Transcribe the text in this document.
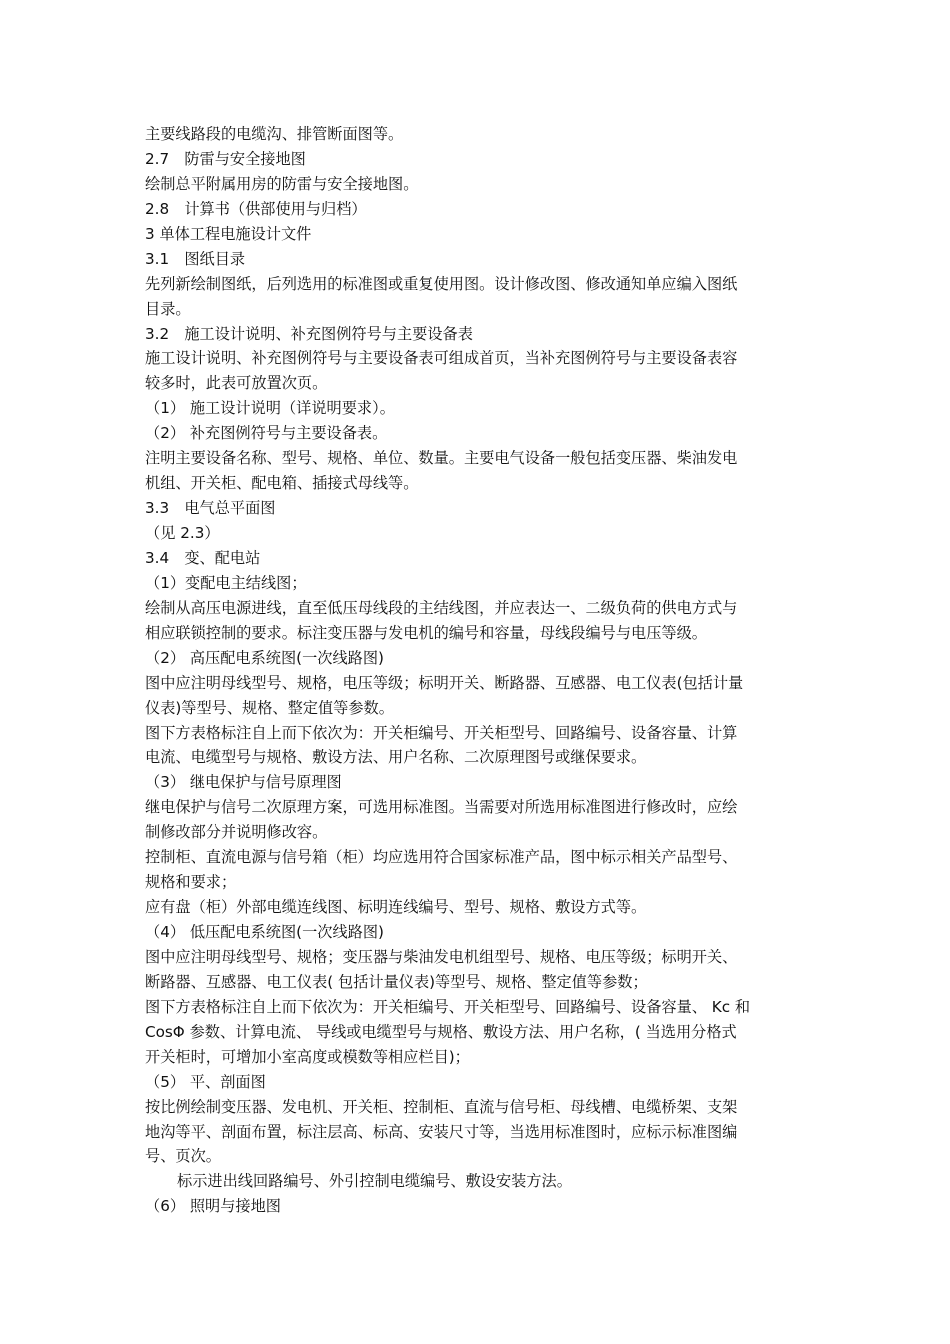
主要线路段的电缆沟、排管断面图等。
2.7　防雷与安全接地图
绘制总平附属用房的防雷与安全接地图。
2.8　计算书（供部使用与归档）
3 单体工程电施设计文件
3.1　图纸目录
先列新绘制图纸，后列选用的标准图或重复使用图。设计修改图、修改通知单应编入图纸
目录。
3.2　施工设计说明、补充图例符号与主要设备表
施工设计说明、补充图例符号与主要设备表可组成首页，当补充图例符号与主要设备表容
较多时，此表可放置次页。
（1） 施工设计说明（详说明要求）。
（2） 补充图例符号与主要设备表。
注明主要设备名称、型号、规格、单位、数量。主要电气设备一般包括变压器、柴油发电
机组、开关柜、配电箱、插接式母线等。
3.3　电气总平面图
（见 2.3）
3.4　变、配电站
（1）变配电主结线图；
绘制从高压电源进线，直至低压母线段的主结线图，并应表达一、二级负荷的供电方式与
相应联锁控制的要求。标注变压器与发电机的编号和容量，母线段编号与电压等级。
（2） 高压配电系统图(一次线路图)
图中应注明母线型号、规格，电压等级；标明开关、断路器、互感器、电工仪表(包括计量
仪表)等型号、规格、整定值等参数。
图下方表格标注自上而下依次为：开关柜编号、开关柜型号、回路编号、设备容量、计算
电流、电缆型号与规格、敷设方法、用户名称、二次原理图号或继保要求。
（3） 继电保护与信号原理图
继电保护与信号二次原理方案，可选用标准图。当需要对所选用标准图进行修改时，应绘
制修改部分并说明修改容。
控制柜、直流电源与信号箱（柜）均应选用符合国家标准产品，图中标示相关产品型号、
规格和要求；
应有盘（柜）外部电缆连线图、标明连线编号、型号、规格、敷设方式等。
（4） 低压配电系统图(一次线路图)
图中应注明母线型号、规格；变压器与柴油发电机组型号、规格、电压等级；标明开关、
断路器、互感器、电工仪表( 包括计量仪表)等型号、规格、整定值等参数；
图下方表格标注自上而下依次为：开关柜编号、开关柜型号、回路编号、设备容量、 Kc 和
CosΦ 参数、计算电流、 导线或电缆型号与规格、敷设方法、用户名称，( 当选用分格式
开关柜时，可增加小室高度或模数等相应栏目)；
（5） 平、剖面图
按比例绘制变压器、发电机、开关柜、控制柜、直流与信号柜、母线槽、电缆桥架、支架
地沟等平、剖面布置，标注层高、标高、安装尺寸等，当选用标准图时，应标示标准图编
号、页次。
标示进出线回路编号、外引控制电缆编号、敷设安装方法。
（6） 照明与接地图
